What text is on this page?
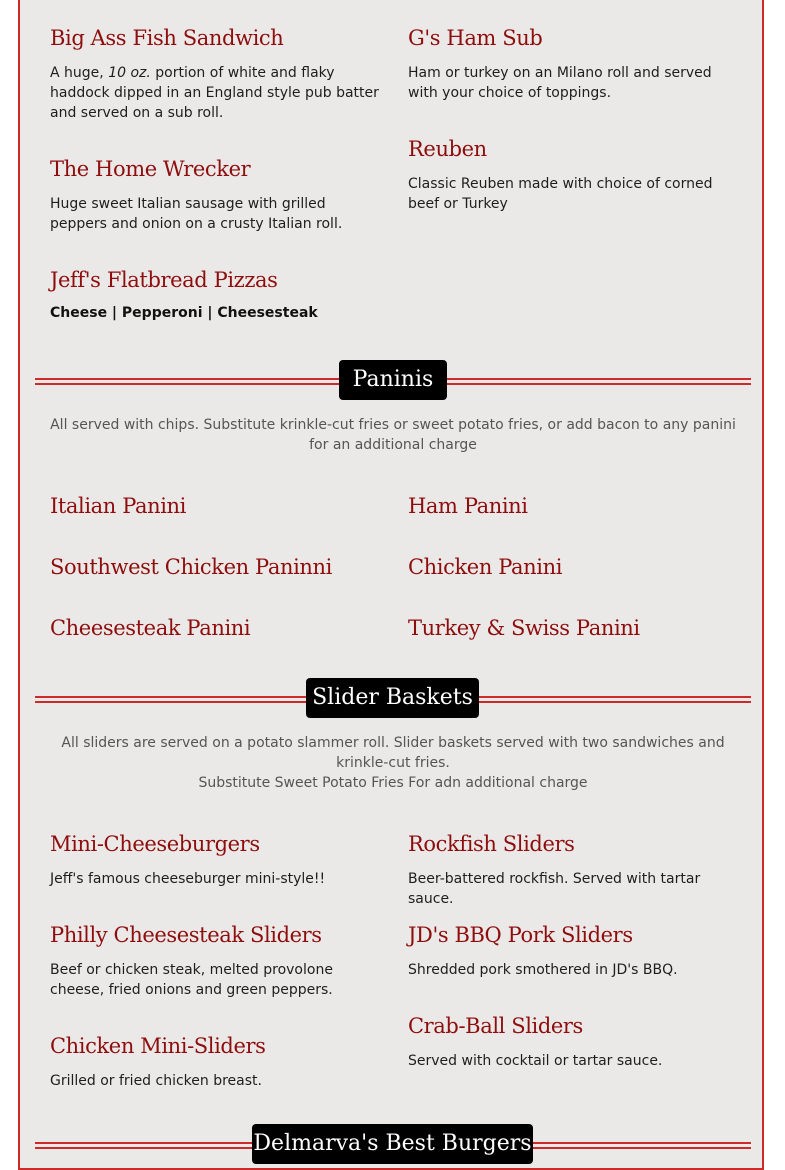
Big Ass Fish Sandwich
A huge, 10 oz. portion of white and flaky haddock dipped in an England style pub batter and served on a sub roll.
G's Ham Sub
Ham or turkey on an Milano roll and served with your choice of toppings.
The Home Wrecker
Huge sweet Italian sausage with grilled peppers and onion on a crusty Italian roll.
Reuben
Classic Reuben made with choice of corned beef or Turkey
Jeff's Flatbread Pizzas
Cheese | Pepperoni | Cheesesteak
Paninis
All served with chips. Substitute krinkle-cut fries or sweet potato fries, or add bacon to any panini for an additional charge
Italian Panini	Ham Panini
Southwest Chicken Paninni	Chicken Panini
Cheesesteak Panini	Turkey & Swiss Panini
Slider Baskets
All sliders are served on a potato slammer roll. Slider baskets served with two sandwiches and krinkle-cut fries.
Substitute Sweet Potato Fries For adn additional charge
Mini-Cheeseburgers
Jeff's famous cheeseburger mini-style!!
Rockfish Sliders
Beer-battered rockfish. Served with tartar sauce.
Philly Cheesesteak Sliders
Beef or chicken steak, melted provolone cheese, fried onions and green peppers.
JD's BBQ Pork Sliders
Shredded pork smothered in JD's BBQ.
Crab-Ball Sliders
Served with cocktail or tartar sauce.
Chicken Mini-Sliders
Grilled or fried chicken breast.
Delmarva's Best Burgers
